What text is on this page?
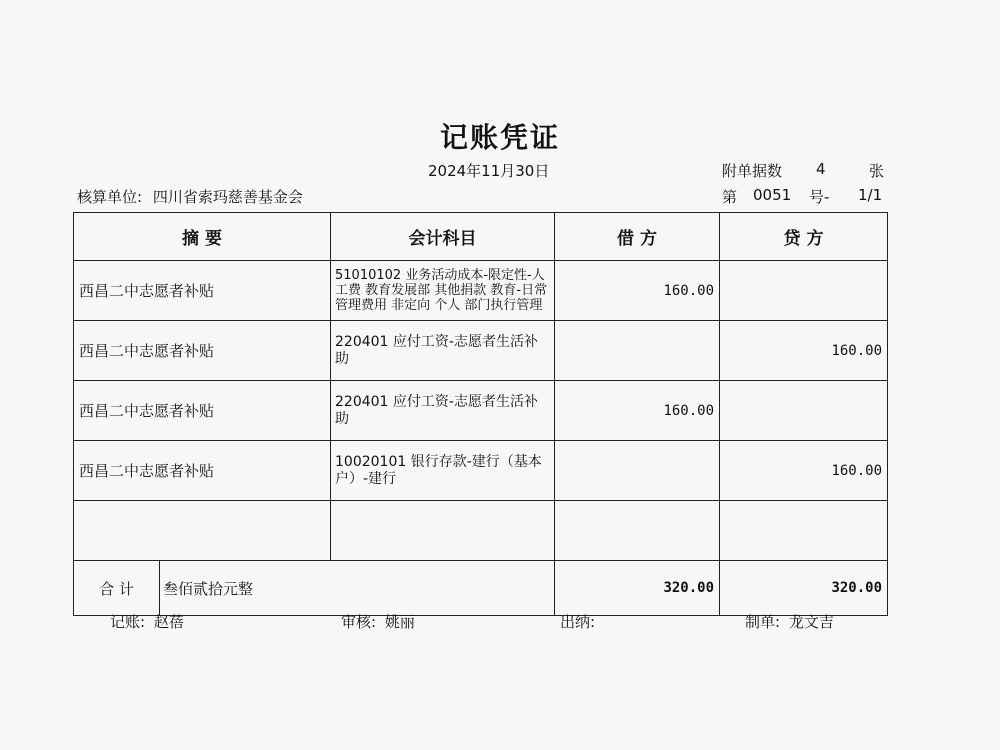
记账凭证
2024年11月30日	附单据数 4	张
核算单位: 四川省索玛慈善基金会	第 0051 号- 1/1
摘 要		会计科目	借 方	贷 方
西昌二中志愿者补贴		51010102 业务活动成本-限定性-人工费 教育发展部 其他捐款 教育-日常管理费用 非定向 个人 部门执行管理	160.00	
西昌二中志愿者补贴		220401 应付工资-志愿者生活补助		160.00
西昌二中志愿者补贴		220401 应付工资-志愿者生活补助	160.00	
西昌二中志愿者补贴		10020101 银行存款-建行（基本户）-建行		160.00

合 计	叁佰贰拾元整		320.00	320.00
记账: 赵蓓	审核: 姚丽	出纳:	制单: 龙文吉
